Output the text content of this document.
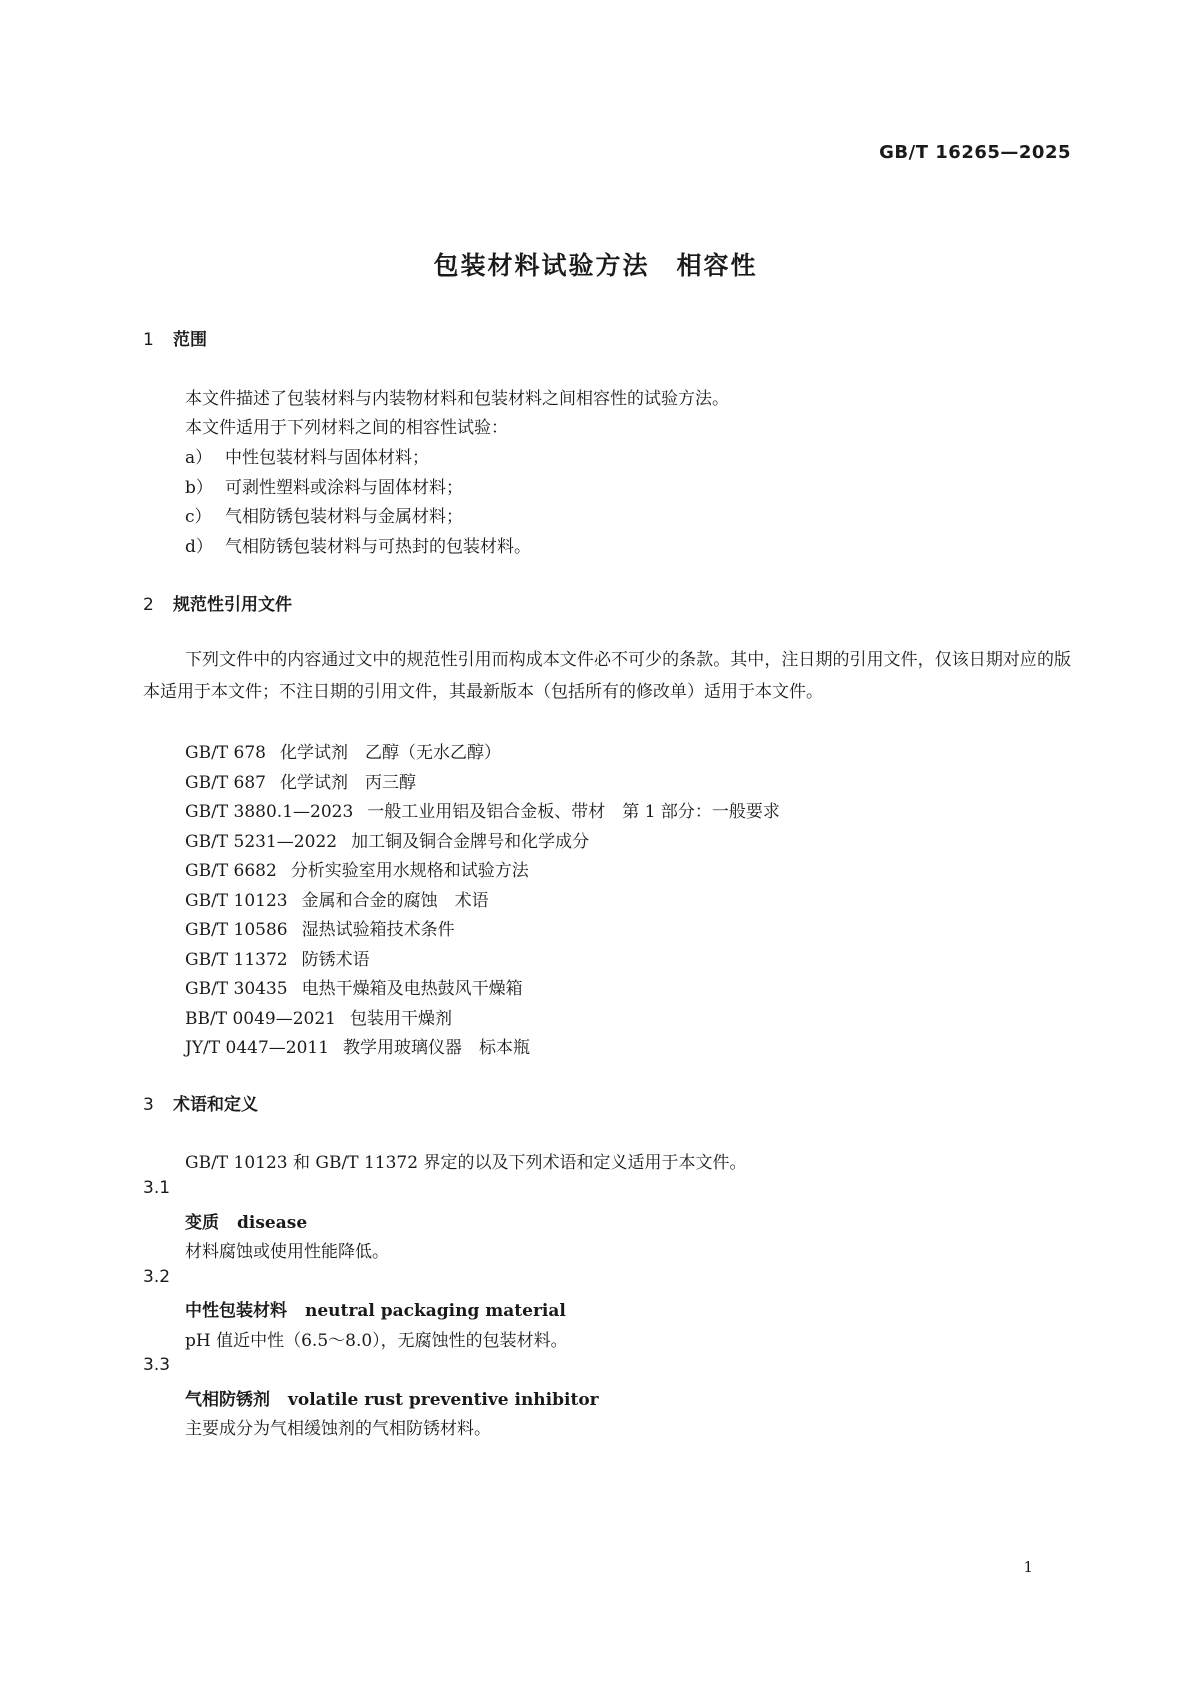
GB/T 16265—2025
包装材料试验方法　相容性
1 范围
本文件描述了包装材料与内装物材料和包装材料之间相容性的试验方法。
本文件适用于下列材料之间的相容性试验：
a） 中性包装材料与固体材料；
b） 可剥性塑料或涂料与固体材料；
c） 气相防锈包装材料与金属材料；
d） 气相防锈包装材料与可热封的包装材料。
2 规范性引用文件
下列文件中的内容通过文中的规范性引用而构成本文件必不可少的条款。其中，注日期的引用文件，仅该日期对应的版本适用于本文件；不注日期的引用文件，其最新版本（包括所有的修改单）适用于本文件。
GB/T 678 化学试剂　乙醇（无水乙醇）
GB/T 687 化学试剂　丙三醇
GB/T 3880.1—2023 一般工业用铝及铝合金板、带材　第 1 部分：一般要求
GB/T 5231—2022 加工铜及铜合金牌号和化学成分
GB/T 6682 分析实验室用水规格和试验方法
GB/T 10123 金属和合金的腐蚀　术语
GB/T 10586 湿热试验箱技术条件
GB/T 11372 防锈术语
GB/T 30435 电热干燥箱及电热鼓风干燥箱
BB/T 0049—2021 包装用干燥剂
JY/T 0447—2011 教学用玻璃仪器　标本瓶
3 术语和定义
GB/T 10123 和 GB/T 11372 界定的以及下列术语和定义适用于本文件。
3.1
变质 disease
材料腐蚀或使用性能降低。
3.2
中性包装材料 neutral packaging material
pH 值近中性（6.5～8.0），无腐蚀性的包装材料。
3.3
气相防锈剂 volatile rust preventive inhibitor
主要成分为气相缓蚀剂的气相防锈材料。
1
